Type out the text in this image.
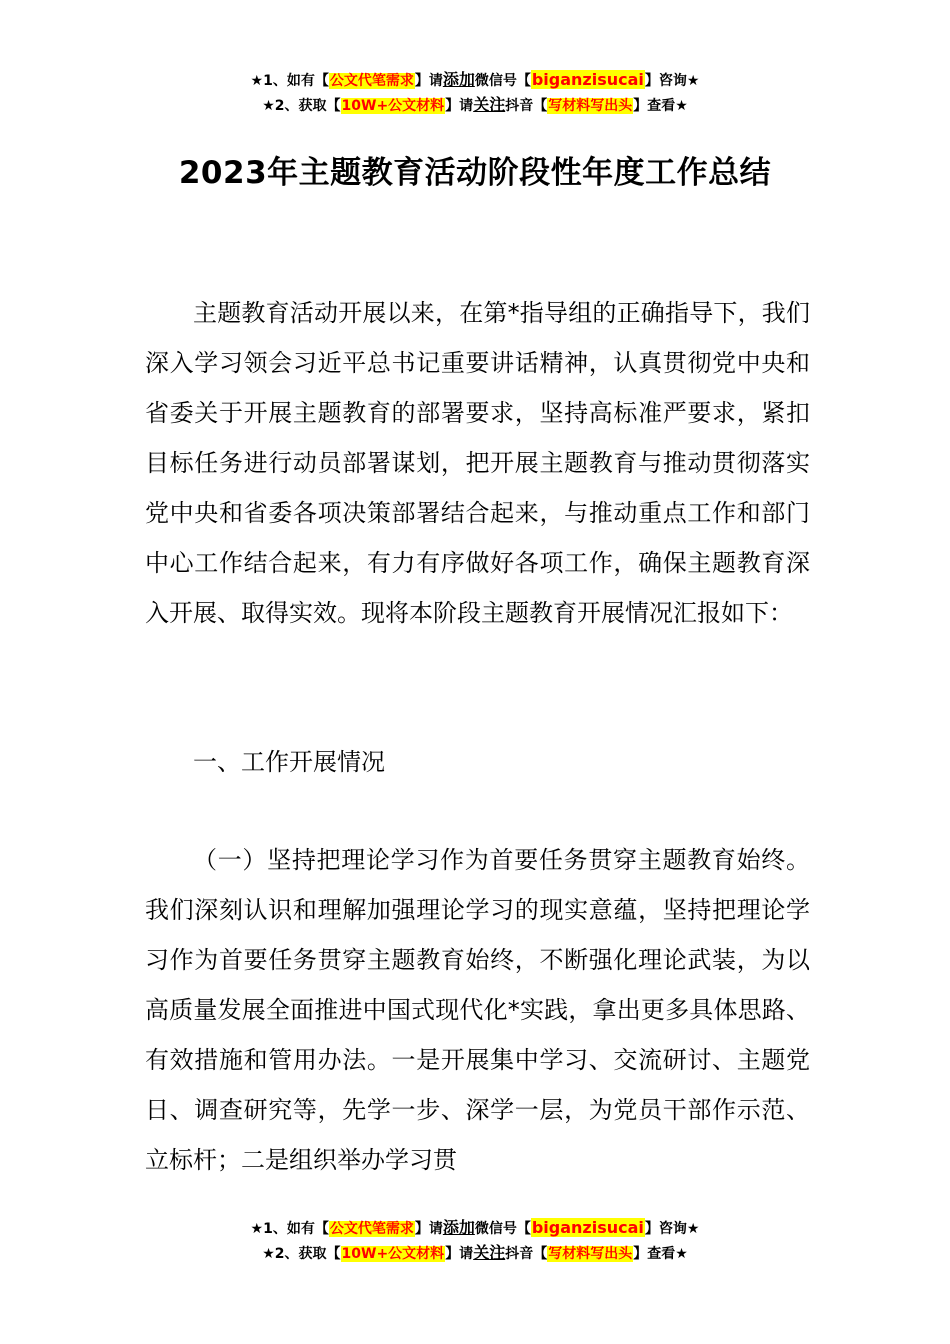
★1、如有【公文代笔需求】请添加微信号【biganzisucai】咨询★
★2、获取【10W+公文材料】请关注抖音【写材料写出头】查看★
2023年主题教育活动阶段性年度工作总结

主题教育活动开展以来，在第*指导组的正确指导下，我们深入学习领会习近平总书记重要讲话精神，认真贯彻党中央和省委关于开展主题教育的部署要求，坚持高标准严要求，紧扣目标任务进行动员部署谋划，把开展主题教育与推动贯彻落实党中央和省委各项决策部署结合起来，与推动重点工作和部门中心工作结合起来，有力有序做好各项工作，确保主题教育深入开展、取得实效。现将本阶段主题教育开展情况汇报如下：

一、工作开展情况

（一）坚持把理论学习作为首要任务贯穿主题教育始终。我们深刻认识和理解加强理论学习的现实意蕴，坚持把理论学习作为首要任务贯穿主题教育始终，不断强化理论武装，为以高质量发展全面推进中国式现代化*实践，拿出更多具体思路、有效措施和管用办法。一是开展集中学习、交流研讨、主题党日、调查研究等，先学一步、深学一层，为党员干部作示范、立标杆；二是组织举办学习贯

★1、如有【公文代笔需求】请添加微信号【biganzisucai】咨询★
★2、获取【10W+公文材料】请关注抖音【写材料写出头】查看★
